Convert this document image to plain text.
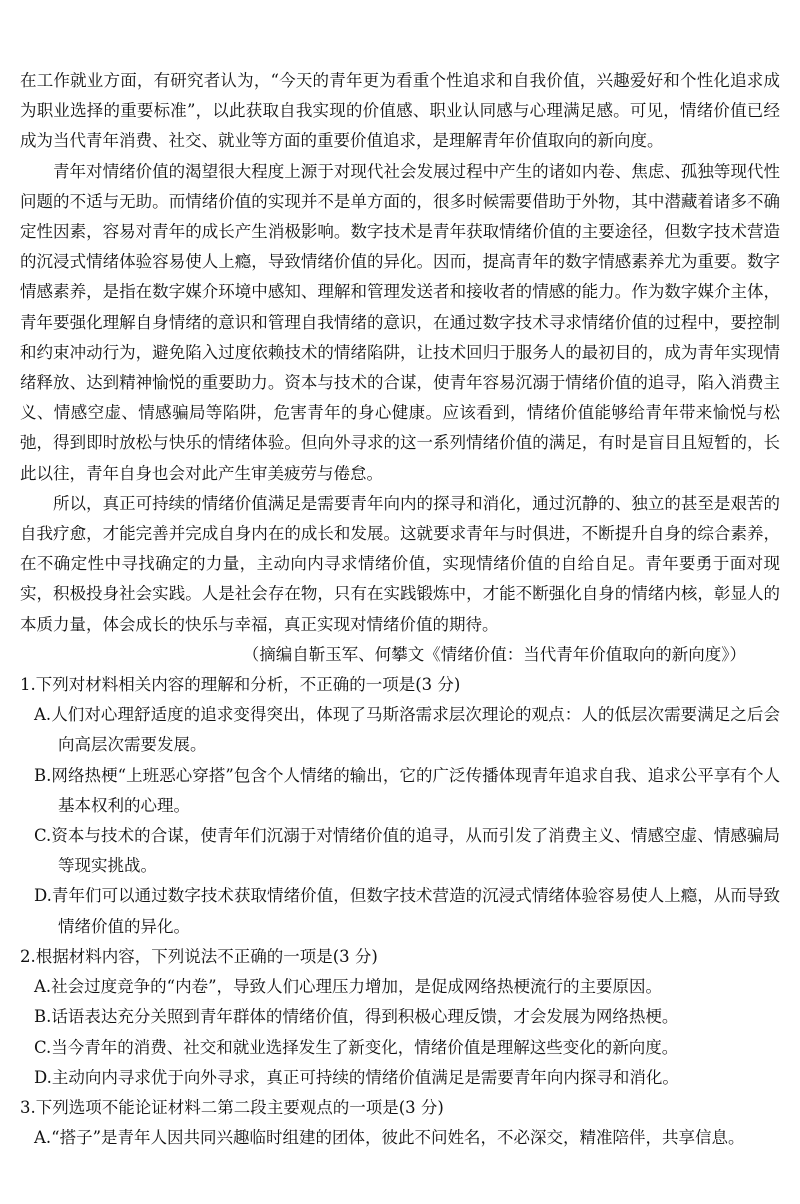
在工作就业方面，有研究者认为，“今天的青年更为看重个性追求和自我价值，兴趣爱好和个性化追求成为职业选择的重要标准”，以此获取自我实现的价值感、职业认同感与心理满足感。可见，情绪价值已经成为当代青年消费、社交、就业等方面的重要价值追求，是理解青年价值取向的新向度。

青年对情绪价值的渴望很大程度上源于对现代社会发展过程中产生的诸如内卷、焦虑、孤独等现代性问题的不适与无助。而情绪价值的实现并不是单方面的，很多时候需要借助于外物，其中潜藏着诸多不确定性因素，容易对青年的成长产生消极影响。数字技术是青年获取情绪价值的主要途径，但数字技术营造的沉浸式情绪体验容易使人上瘾，导致情绪价值的异化。因而，提高青年的数字情感素养尤为重要。数字情感素养，是指在数字媒介环境中感知、理解和管理发送者和接收者的情感的能力。作为数字媒介主体，青年要强化理解自身情绪的意识和管理自我情绪的意识，在通过数字技术寻求情绪价值的过程中，要控制和约束冲动行为，避免陷入过度依赖技术的情绪陷阱，让技术回归于服务人的最初目的，成为青年实现情绪释放、达到精神愉悦的重要助力。资本与技术的合谋，使青年容易沉溺于情绪价值的追寻，陷入消费主义、情感空虚、情感骗局等陷阱，危害青年的身心健康。应该看到，情绪价值能够给青年带来愉悦与松弛，得到即时放松与快乐的情绪体验。但向外寻求的这一系列情绪价值的满足，有时是盲目且短暂的，长此以往，青年自身也会对此产生审美疲劳与倦怠。

所以，真正可持续的情绪价值满足是需要青年向内的探寻和消化，通过沉静的、独立的甚至是艰苦的自我疗愈，才能完善并完成自身内在的成长和发展。这就要求青年与时俱进，不断提升自身的综合素养，在不确定性中寻找确定的力量，主动向内寻求情绪价值，实现情绪价值的自给自足。青年要勇于面对现实，积极投身社会实践。人是社会存在物，只有在实践锻炼中，才能不断强化自身的情绪内核，彰显人的本质力量，体会成长的快乐与幸福，真正实现对情绪价值的期待。

（摘编自靳玉军、何攀文《情绪价值：当代青年价值取向的新向度》）

1.下列对材料相关内容的理解和分析，不正确的一项是(3 分)

A.人们对心理舒适度的追求变得突出，体现了马斯洛需求层次理论的观点：人的低层次需要满足之后会向高层次需要发展。
B.网络热梗“上班恶心穿搭”包含个人情绪的输出，它的广泛传播体现青年追求自我、追求公平享有个人基本权利的心理。
C.资本与技术的合谋，使青年们沉溺于对情绪价值的追寻，从而引发了消费主义、情感空虚、情感骗局等现实挑战。
D.青年们可以通过数字技术获取情绪价值，但数字技术营造的沉浸式情绪体验容易使人上瘾，从而导致情绪价值的异化。

2.根据材料内容，下列说法不正确的一项是(3 分)

A.社会过度竞争的“内卷”，导致人们心理压力增加，是促成网络热梗流行的主要原因。
B.话语表达充分关照到青年群体的情绪价值，得到积极心理反馈，才会发展为网络热梗。
C.当今青年的消费、社交和就业选择发生了新变化，情绪价值是理解这些变化的新向度。
D.主动向内寻求优于向外寻求，真正可持续的情绪价值满足是需要青年向内探寻和消化。

3.下列选项不能论证材料二第二段主要观点的一项是(3 分)

A.“搭子”是青年人因共同兴趣临时组建的团体，彼此不问姓名，不必深交，精准陪伴，共享信息。
